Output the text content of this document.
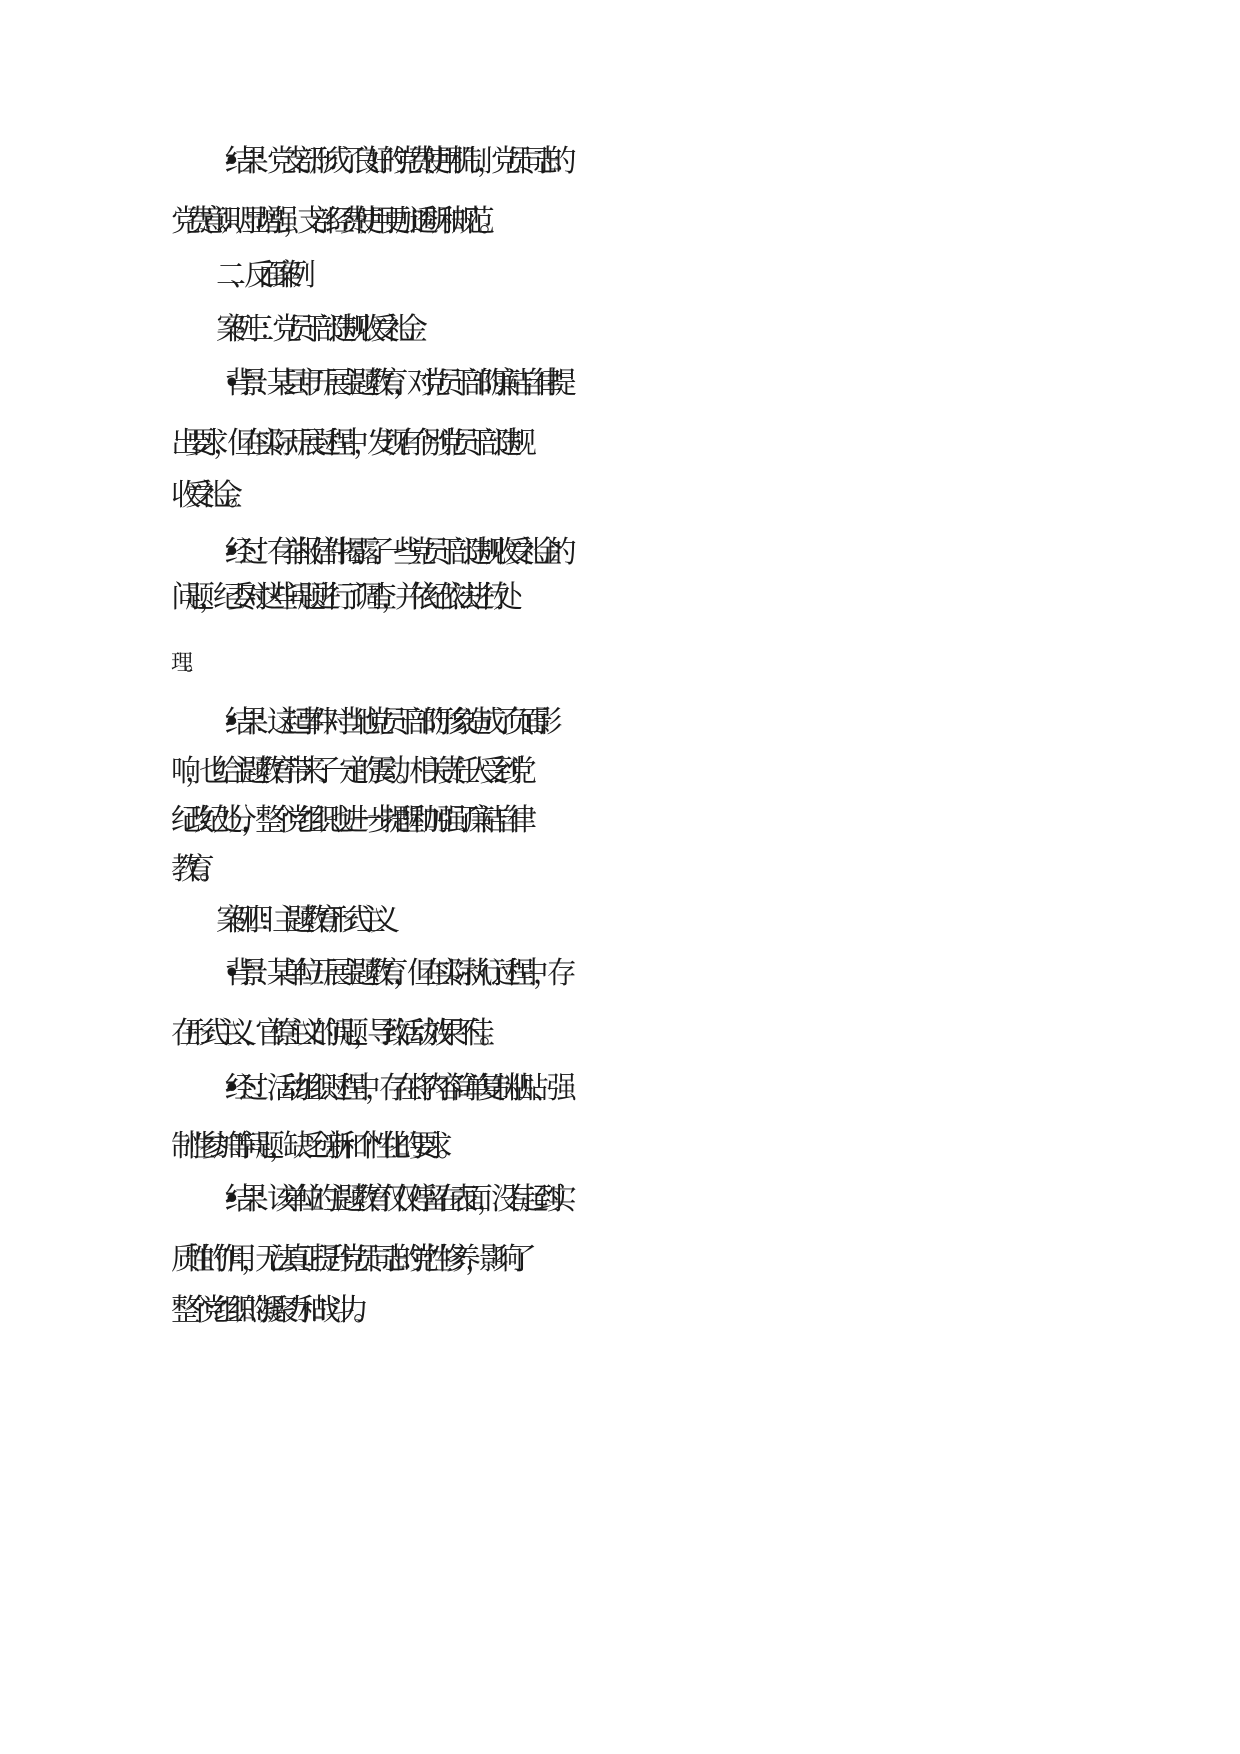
•结果：党支部形成了良好的党费使用机制，党员同志的

党费意识明显增强，支部经费使用更加透明和规范。

二、反面案例

案例三：党员干部违规收受礼金

•背景：某县市开展主题教育，对党员干部的廉洁自律提

出要求，但在实际开展过程中，发现有个别党员干部违规

收受礼金。

•经过：有举报信件揭露了一些党员干部违规收受礼金的

问题，纪委对这些问题进行了调查，并依纪依法进行处

理。

•结果：这起事件对当地党员干部的形象造成了负面影

响，也给主题教育带来了一定的震动。相关责任人受到党

纪政纪处分，整个党组织也进一步提醒和加强了廉洁自律

教育。

案例四：主题教育形式主义

•背景：某单位开展主题教育，但在实际执行过程中，存

在形式主义、官僚主义的问题，导致活动效果不佳。

•经过：活动组织过程中，存在将内容简单复制粘贴、强

制性参加等问题，缺乏创新和个性化的要求。

•结果：该单位的主题教育仅仅停留在表面，没有起到实

质性的作用，无法真正提升党员同志的党性修养，影响了

整个党组织的凝聚力和战斗力。
